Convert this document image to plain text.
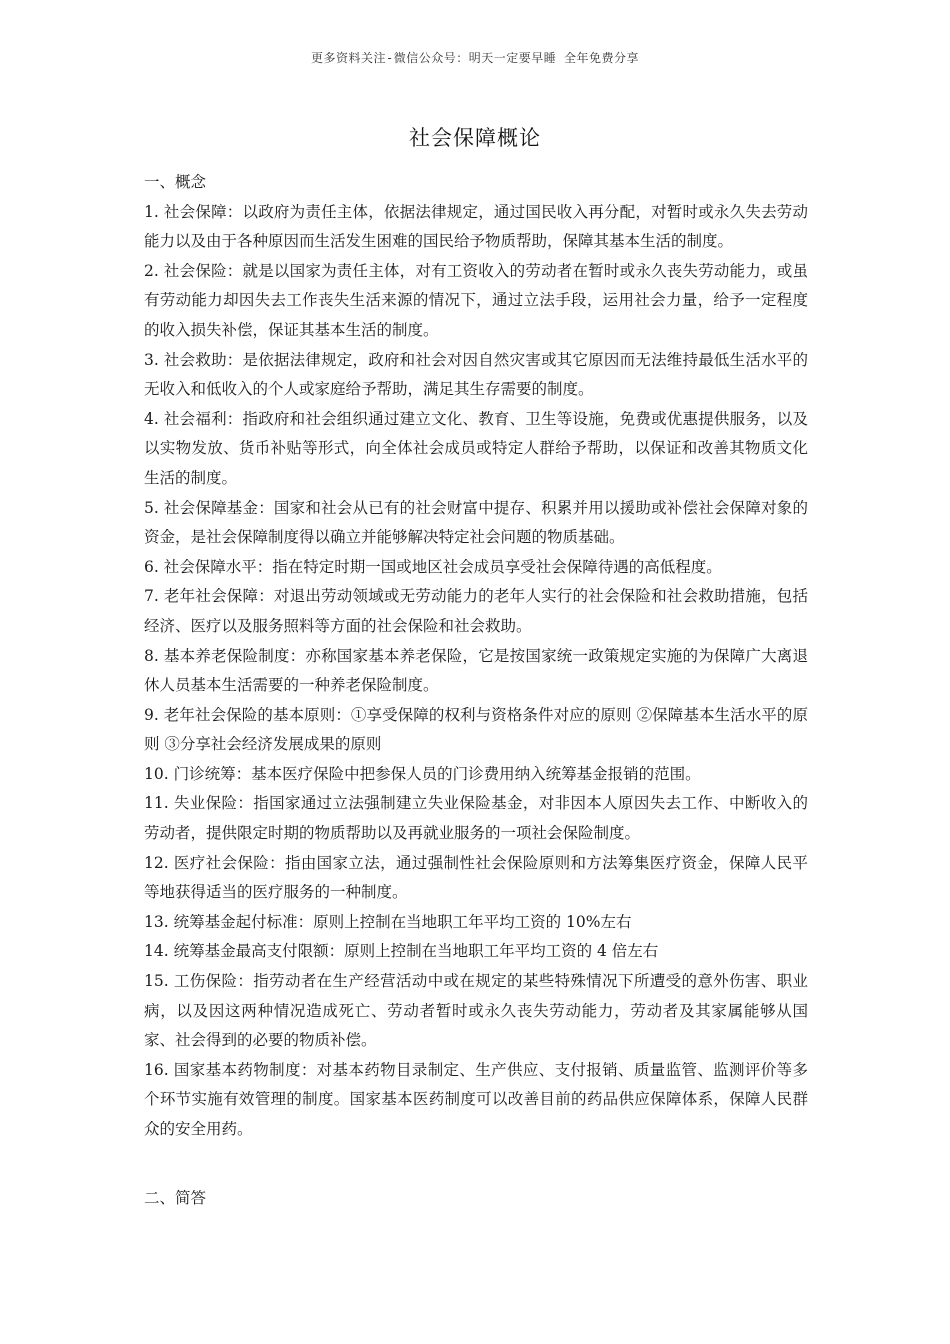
更多资料关注-微信公众号：明天一定要早睡 全年免费分享
社会保障概论

一、概念

1. 社会保障：以政府为责任主体，依据法律规定，通过国民收入再分配，对暂时或永久失去劳动能力以及由于各种原因而生活发生困难的国民给予物质帮助，保障其基本生活的制度。

2. 社会保险：就是以国家为责任主体，对有工资收入的劳动者在暂时或永久丧失劳动能力，或虽有劳动能力却因失去工作丧失生活来源的情况下，通过立法手段，运用社会力量，给予一定程度的收入损失补偿，保证其基本生活的制度。

3. 社会救助：是依据法律规定，政府和社会对因自然灾害或其它原因而无法维持最低生活水平的无收入和低收入的个人或家庭给予帮助，满足其生存需要的制度。

4. 社会福利：指政府和社会组织通过建立文化、教育、卫生等设施，免费或优惠提供服务，以及以实物发放、货币补贴等形式，向全体社会成员或特定人群给予帮助，以保证和改善其物质文化生活的制度。

5. 社会保障基金：国家和社会从已有的社会财富中提存、积累并用以援助或补偿社会保障对象的资金，是社会保障制度得以确立并能够解决特定社会问题的物质基础。

6. 社会保障水平：指在特定时期一国或地区社会成员享受社会保障待遇的高低程度。

7. 老年社会保障：对退出劳动领域或无劳动能力的老年人实行的社会保险和社会救助措施，包括经济、医疗以及服务照料等方面的社会保险和社会救助。

8. 基本养老保险制度：亦称国家基本养老保险，它是按国家统一政策规定实施的为保障广大离退休人员基本生活需要的一种养老保险制度。

9. 老年社会保险的基本原则：①享受保障的权利与资格条件对应的原则 ②保障基本生活水平的原则 ③分享社会经济发展成果的原则

10. 门诊统筹：基本医疗保险中把参保人员的门诊费用纳入统筹基金报销的范围。

11. 失业保险：指国家通过立法强制建立失业保险基金，对非因本人原因失去工作、中断收入的劳动者，提供限定时期的物质帮助以及再就业服务的一项社会保险制度。

12. 医疗社会保险：指由国家立法，通过强制性社会保险原则和方法筹集医疗资金，保障人民平等地获得适当的医疗服务的一种制度。

13. 统筹基金起付标准：原则上控制在当地职工年平均工资的 10%左右

14. 统筹基金最高支付限额：原则上控制在当地职工年平均工资的 4 倍左右

15. 工伤保险：指劳动者在生产经营活动中或在规定的某些特殊情况下所遭受的意外伤害、职业病，以及因这两种情况造成死亡、劳动者暂时或永久丧失劳动能力，劳动者及其家属能够从国家、社会得到的必要的物质补偿。

16. 国家基本药物制度：对基本药物目录制定、生产供应、支付报销、质量监管、监测评价等多个环节实施有效管理的制度。国家基本医药制度可以改善目前的药品供应保障体系，保障人民群众的安全用药。

二、简答
